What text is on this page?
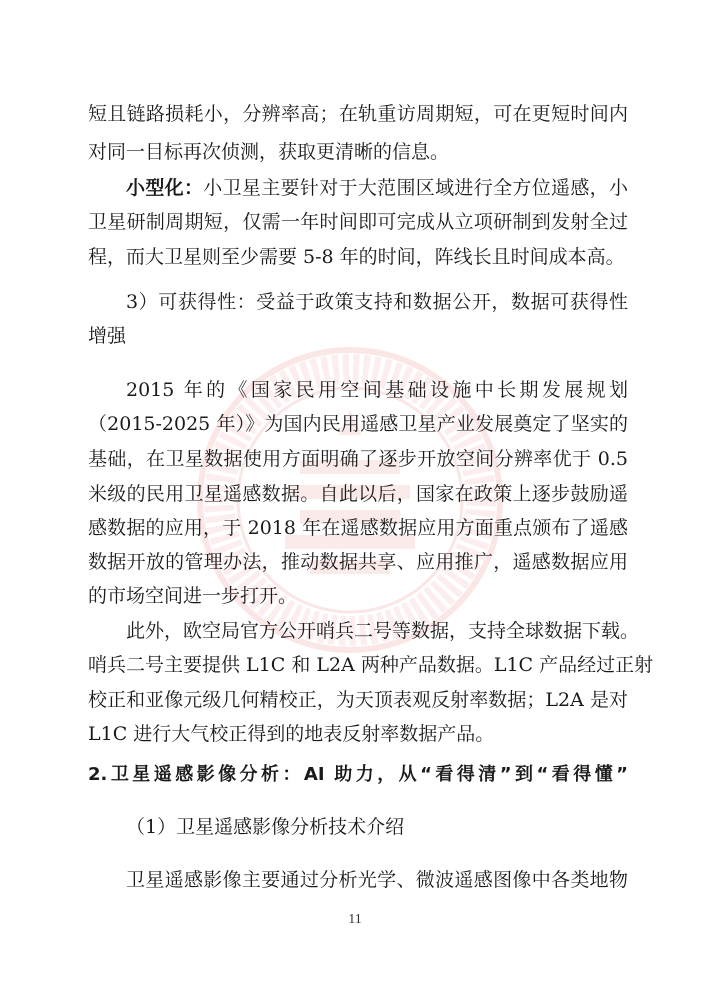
短且链路损耗小，分辨率高；在轨重访周期短，可在更短时间内
对同一目标再次侦测，获取更清晰的信息。
小型化：小卫星主要针对于大范围区域进行全方位遥感，小
卫星研制周期短，仅需一年时间即可完成从立项研制到发射全过
程，而大卫星则至少需要 5-8 年的时间，阵线长且时间成本高。
3）可获得性：受益于政策支持和数据公开，数据可获得性
增强
2015 年的《国家民用空间基础设施中长期发展规划
（2015-2025 年）》为国内民用遥感卫星产业发展奠定了坚实的
基础，在卫星数据使用方面明确了逐步开放空间分辨率优于 0.5
米级的民用卫星遥感数据。自此以后，国家在政策上逐步鼓励遥
感数据的应用，于 2018 年在遥感数据应用方面重点颁布了遥感
数据开放的管理办法，推动数据共享、应用推广，遥感数据应用
的市场空间进一步打开。
此外，欧空局官方公开哨兵二号等数据，支持全球数据下载。
哨兵二号主要提供 L1C 和 L2A 两种产品数据。L1C 产品经过正射
校正和亚像元级几何精校正，为天顶表观反射率数据；L2A 是对
L1C 进行大气校正得到的地表反射率数据产品。
2.卫星遥感影像分析：AI 助力，从“看得清”到“看得懂”
（1）卫星遥感影像分析技术介绍
卫星遥感影像主要通过分析光学、微波遥感图像中各类地物
11
